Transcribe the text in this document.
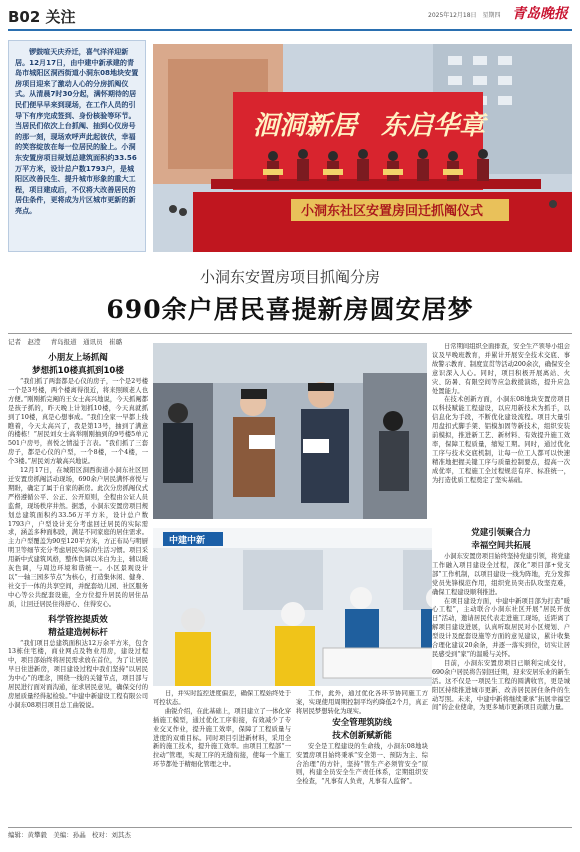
B02 关注	2025年12月18日　星期四 青岛晚报

锣鼓喧天庆乔迁，喜气洋洋迎新居。12月17日，由中建中新承建的青岛市城阳区洞西街道小洞东08地块安置房项目迎来了激动人心的分房抓阄仪式。从清晨7时30分起，满怀期待的居民们便早早来到现场，在工作人员的引导下有序完成签到、身份核验等环节。当居民们依次上台抓阄、抽到心仪房号的那一刻，现场欢呼声此起彼伏，幸福的笑容绽放在每一位居民的脸上。小洞东安置房项目规划总建筑面积约33.56万平方米，设计总户数1793户，是城阳区改善民生、提升城市形象的重大工程，项目建成后，不仅将大改善居民的居住条件，更将成为片区城市更新的新亮点。

洄洞新居 东启华章
小洞东社区安置房回迁抓阄仪式
小洞东安置房项目抓阄分房
690余户居民喜提新房圆安居梦
记者　赵滢 青岛报道　通讯员　崔璐
小朋友上场抓阄
梦想抓10楼真抓到10楼

“我们抓了两套都是心仪的房子，一个是2号楼一个是3号楼，两个楼离得很近，将来照顾老人也方便。”刚刚抓完阄的王女士高兴地说，今天抓阄都是孩子抓的，昨天晚上计划抓10楼，今天真就抓到了10楼，真是心想事成。“我们全家一早都上线瞧着，今天太高兴了，我是第13号，抽到了满意的楼栋！”居民刘女士高举刚刚抽到的9号楼5单元501户房号，喜悦之情溢于言表。“我们抓了三套房子，都是心仪的户型，一个8楼，一个4楼，一个3楼。”居民刘方敏高兴地说。

12月17日，在城阳区洞西街道小洞东社区回迁安置房抓阄活动现场，690余户居民满怀喜悦与期盼，确定了属于自家的新房。此次分房抓阄仪式严格遵循公平、公正、公开原则，全程由公证人员监督，现场秩序井然。据悉，小洞东安置房项目规划总建筑面积约33.56万平方米，设计总户数1793户，户型设计充分考虑回迁居民的实际需求，涵盖多种面积段，满足不同家庭的居住需求。主力户型覆盖为90至120平方米，方正布局与明厨明卫等细节充分考虑居民实际的生活习惯。项目采用新中式建筑风格，整体色调以米白为主，辅以暖灰色调，与周边环境和谐统一。小区景观设计以“一轴三园多节点”为核心，打造集休闲、健身、社交于一体的共享空间，并配套幼儿园、社区服务中心等公共配套设施，全方位提升居民的居住品质，让回迁居民住得舒心、住得安心。

科学管控提质效
精益建造树标杆

“我们项目总建筑面积达12万余平方米，包含13栋住宅楼，商业网点及物业用房，建设过程中，项目部始终将居民需求放在首位，为了让居民早日住进新房，项目建设过程中我们坚持“以居民为中心”的理念，围绕一线的关键节点，项目部与居民进行面对面沟通，征求居民意见，确保交付的房屋质量经得起检验。”中建中新建设工程有限公司小洞东08项目项目总工曲锐说。

日常期间组织全面排查，安全生产领导小组会议及早晚班教育，并累计开展安全技术交底、事故警示教育、制度宣贯等活动200余次，确保安全意识深入人心。同时，项目积极开展离站、火灾、防暑、有限空间等应急救援演练，提升应急处置能力。

在技术创新方面，小洞东08地块安置房项目以科技赋能工程建设，以应用新技术为抓手，以信息化为手段，不断优化建设流程。项目大量引用盘扣式脚手架、铝模加固等新技术，组织安装前模拟，推进新工艺、新材料、有效提升施工效率，保障工程质量，缩短工期。同时，通过优化工序与技术交底机制，让每一位工人都可以快速精准地把握关键工序与质量控制要点，提高一次成优率，工程施工全过程规范有序、标准统一，为打造优质工程奠定了坚实基础。

中建中新

日，并实时监控进度偏差，确保工程始终处于可控状态。

曲锐介绍，在此基础上，项目建立了一体化穿插施工模型，通过优化工序衔接，有效减少了专业交叉作业，提升施工效率，保障了工程质量与进度的双重目标。同时项目引进新材料，采用全新的施工技术，提升施工效率。由项目工程部“一拉动”管理，实现工序的无缝衔接，使每一个施工环节都处于精细化管理之中。

工作，此外，通过优化各环节协同施工方案，实现使用周期控制平均约降低2个月，真正将居民梦想转化为现实。

安全管理筑防线
技术创新赋新能

安全是工程建设的生命线，小洞东08地块安置房项目始终秉承“安全第一、预防为主、综合治理”的方针，坚持“管生产必须管安全”原则，构建全员安全生产责任体系，定期组织安全检查，“凡事有人负责，凡事有人监督”。

党建引领聚合力
幸福空间共拓展

小洞东安置房项目始终坚持党建引领，将党建工作融入项目建设全过程，深化“项目部+党支部”工作机制，以项目建设一线为阵地，充分发挥党员先锋模范作用，组织党员突击队攻坚克难，确保工程建设顺利推进。

在项目建设方面，中建中新项目部为打造“暖心工程”，主动联合小洞东社区开展“居民开放日”活动，邀请居民代表走进施工现场，近距离了解项目建设进展，认真听取居民对小区规划、户型设计及配套设施等方面的意见建议，累计收集合理化建议20余条，并逐一落实到位，切实让居民感受到“家”的温暖与关怀。

目前，小洞东安置房项目已顺利完成交付，690余户居民将告别回迁期，迎来安居乐业的新生活。这不仅是一项民生工程的圆满收官，更是城阳区持续推进城市更新、改善居民居住条件的生动写照。未来，中建中新将继续秉承“拓展幸福空间”的企业使命，为更多城市更新项目贡献力量。

编辑：黄攀毅 美编：孙晶 校对：刘其杰
